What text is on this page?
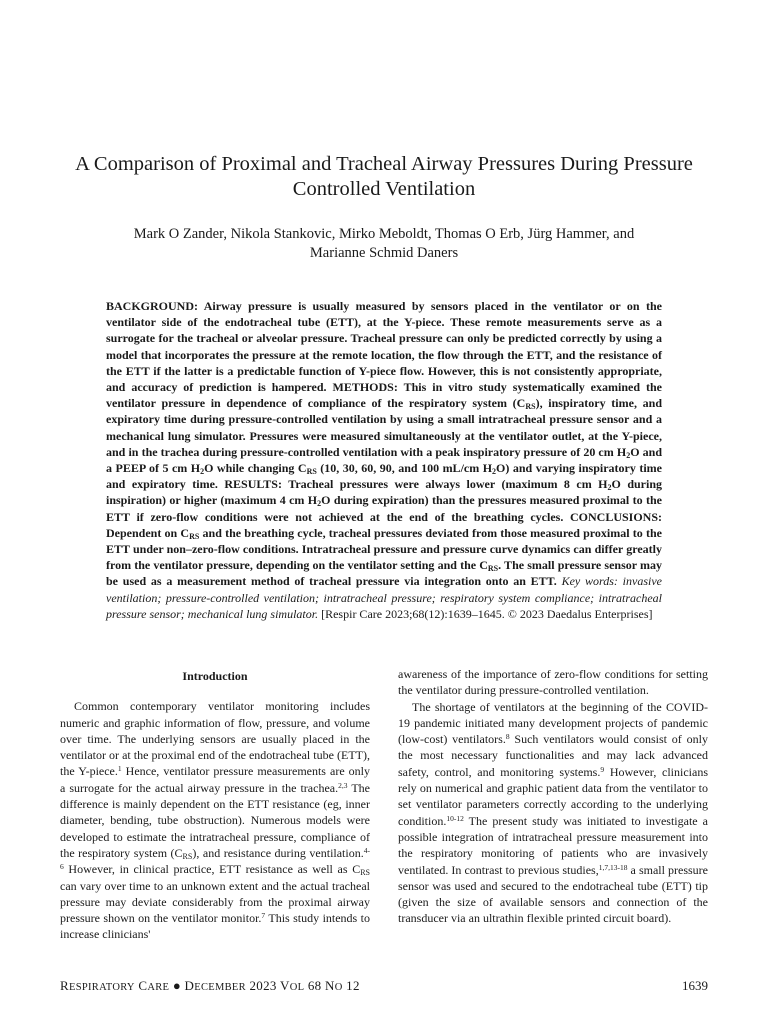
A Comparison of Proximal and Tracheal Airway Pressures During Pressure Controlled Ventilation
Mark O Zander, Nikola Stankovic, Mirko Meboldt, Thomas O Erb, Jürg Hammer, and
Marianne Schmid Daners
BACKGROUND: Airway pressure is usually measured by sensors placed in the ventilator or on the ventilator side of the endotracheal tube (ETT), at the Y-piece. These remote measurements serve as a surrogate for the tracheal or alveolar pressure. Tracheal pressure can only be predicted correctly by using a model that incorporates the pressure at the remote location, the flow through the ETT, and the resistance of the ETT if the latter is a predictable function of Y-piece flow. However, this is not consistently appropriate, and accuracy of prediction is hampered. METHODS: This in vitro study systematically examined the ventilator pressure in dependence of compliance of the respiratory system $(C_{RS})$, inspiratory time, and expiratory time during pressure-controlled ventilation by using a small intratracheal pressure sensor and a mechanical lung simulator. Pressures were measured simultaneously at the ventilator outlet, at the Y-piece, and in the trachea during pressure-controlled ventilation with a peak inspiratory pressure of 20 cm $H_2O$ and a PEEP of 5 cm $H_2O$ while changing $C_{RS}$ (10, 30, 60, 90, and 100 mL/cm $H_2O$) and varying inspiratory time and expiratory time. RESULTS: Tracheal pressures were always lower (maximum 8 cm $H_2O$ during inspiration) or higher (maximum 4 cm $H_2O$ during expiration) than the pressures measured proximal to the ETT if zero-flow conditions were not achieved at the end of the breathing cycles. CONCLUSIONS: Dependent on $C_{RS}$ and the breathing cycle, tracheal pressures deviated from those measured proximal to the ETT under non–zero-flow conditions. Intratracheal pressure and pressure curve dynamics can differ greatly from the ventilator pressure, depending on the ventilator setting and the $C_{RS}$. The small pressure sensor may be used as a measurement method of tracheal pressure via integration onto an ETT. Key words: invasive ventilation; pressure-controlled ventilation; intratracheal pressure; respiratory system compliance; intratracheal pressure sensor; mechanical lung simulator. [Respir Care 2023;68(12):1639–1645. © 2023 Daedalus Enterprises]

Introduction

Common contemporary ventilator monitoring includes numeric and graphic information of flow, pressure, and volume over time. The underlying sensors are usually placed in the ventilator or at the proximal end of the endotracheal tube (ETT), the Y-piece.$^1$ Hence, ventilator pressure measurements are only a surrogate for the actual airway pressure in the trachea.$^{2,3}$ The difference is mainly dependent on the ETT resistance (eg, inner diameter, bending, tube obstruction). Numerous models were developed to estimate the intratracheal pressure, compliance of the respiratory system $(C_{RS})$, and resistance during ventilation.$^{4-6}$ However, in clinical practice, ETT resistance as well as $C_{RS}$ can vary over time to an unknown extent and the actual tracheal pressure may deviate considerably from the proximal airway pressure shown on the ventilator monitor.$^7$ This study intends to increase clinicians'

awareness of the importance of zero-flow conditions for setting the ventilator during pressure-controlled ventilation.

The shortage of ventilators at the beginning of the COVID-19 pandemic initiated many development projects of pandemic (low-cost) ventilators.$^8$ Such ventilators would consist of only the most necessary functionalities and may lack advanced safety, control, and monitoring systems.$^9$ However, clinicians rely on numerical and graphic patient data from the ventilator to set ventilator parameters correctly according to the underlying condition.$^{10-12}$ The present study was initiated to investigate a possible integration of intratracheal pressure measurement into the respiratory monitoring of patients who are invasively ventilated. In contrast to previous studies,$^{1,7,13-18}$ a small pressure sensor was used and secured to the endotracheal tube (ETT) tip (given the size of available sensors and connection of the transducer via an ultrathin flexible printed circuit board).

RESPIRATORY CARE ● DECEMBER 2023 VOL 68 NO 12	1639
